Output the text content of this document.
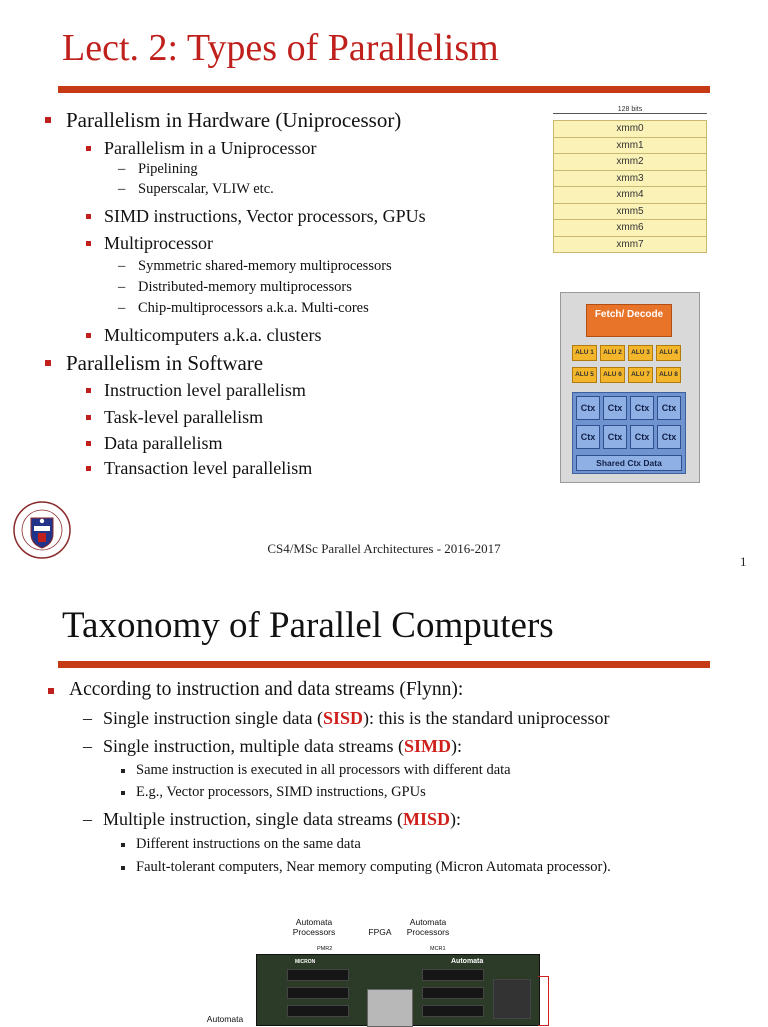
Lect. 2: Types of Parallelism
Parallelism in Hardware (Uniprocessor)
Parallelism in a Uniprocessor
– Pipelining
– Superscalar, VLIW etc.
SIMD instructions, Vector processors, GPUs
Multiprocessor
– Symmetric shared-memory multiprocessors
– Distributed-memory multiprocessors
– Chip-multiprocessors a.k.a. Multi-cores
Multicomputers a.k.a. clusters
Parallelism in Software
Instruction level parallelism
Task-level parallelism
Data parallelism
Transaction level parallelism
128 bits
xmm0
xmm1
xmm2
xmm3
xmm4
xmm5
xmm6
xmm7
Fetch/ Decode
ALU 1	ALU 2	ALU 3	ALU 4
ALU 5	ALU 6	ALU 7	ALU 8
Ctx	Ctx	Ctx	Ctx
Ctx	Ctx	Ctx	Ctx
Shared Ctx Data
CS4/MSc Parallel Architectures - 2016-2017
1
Taxonomy of Parallel Computers
According to instruction and data streams (Flynn):
– Single instruction single data (SISD): this is the standard uniprocessor
– Single instruction, multiple data streams (SIMD):
Same instruction is executed in all processors with different data
E.g., Vector processors, SIMD instructions, GPUs
– Multiple instruction, single data streams (MISD):
Different instructions on the same data
Fault-tolerant computers, Near memory computing (Micron Automata processor).
Automata Processors	FPGA
Automata Processors
Automata
PMR2	MCR1
MICRON	Automata
